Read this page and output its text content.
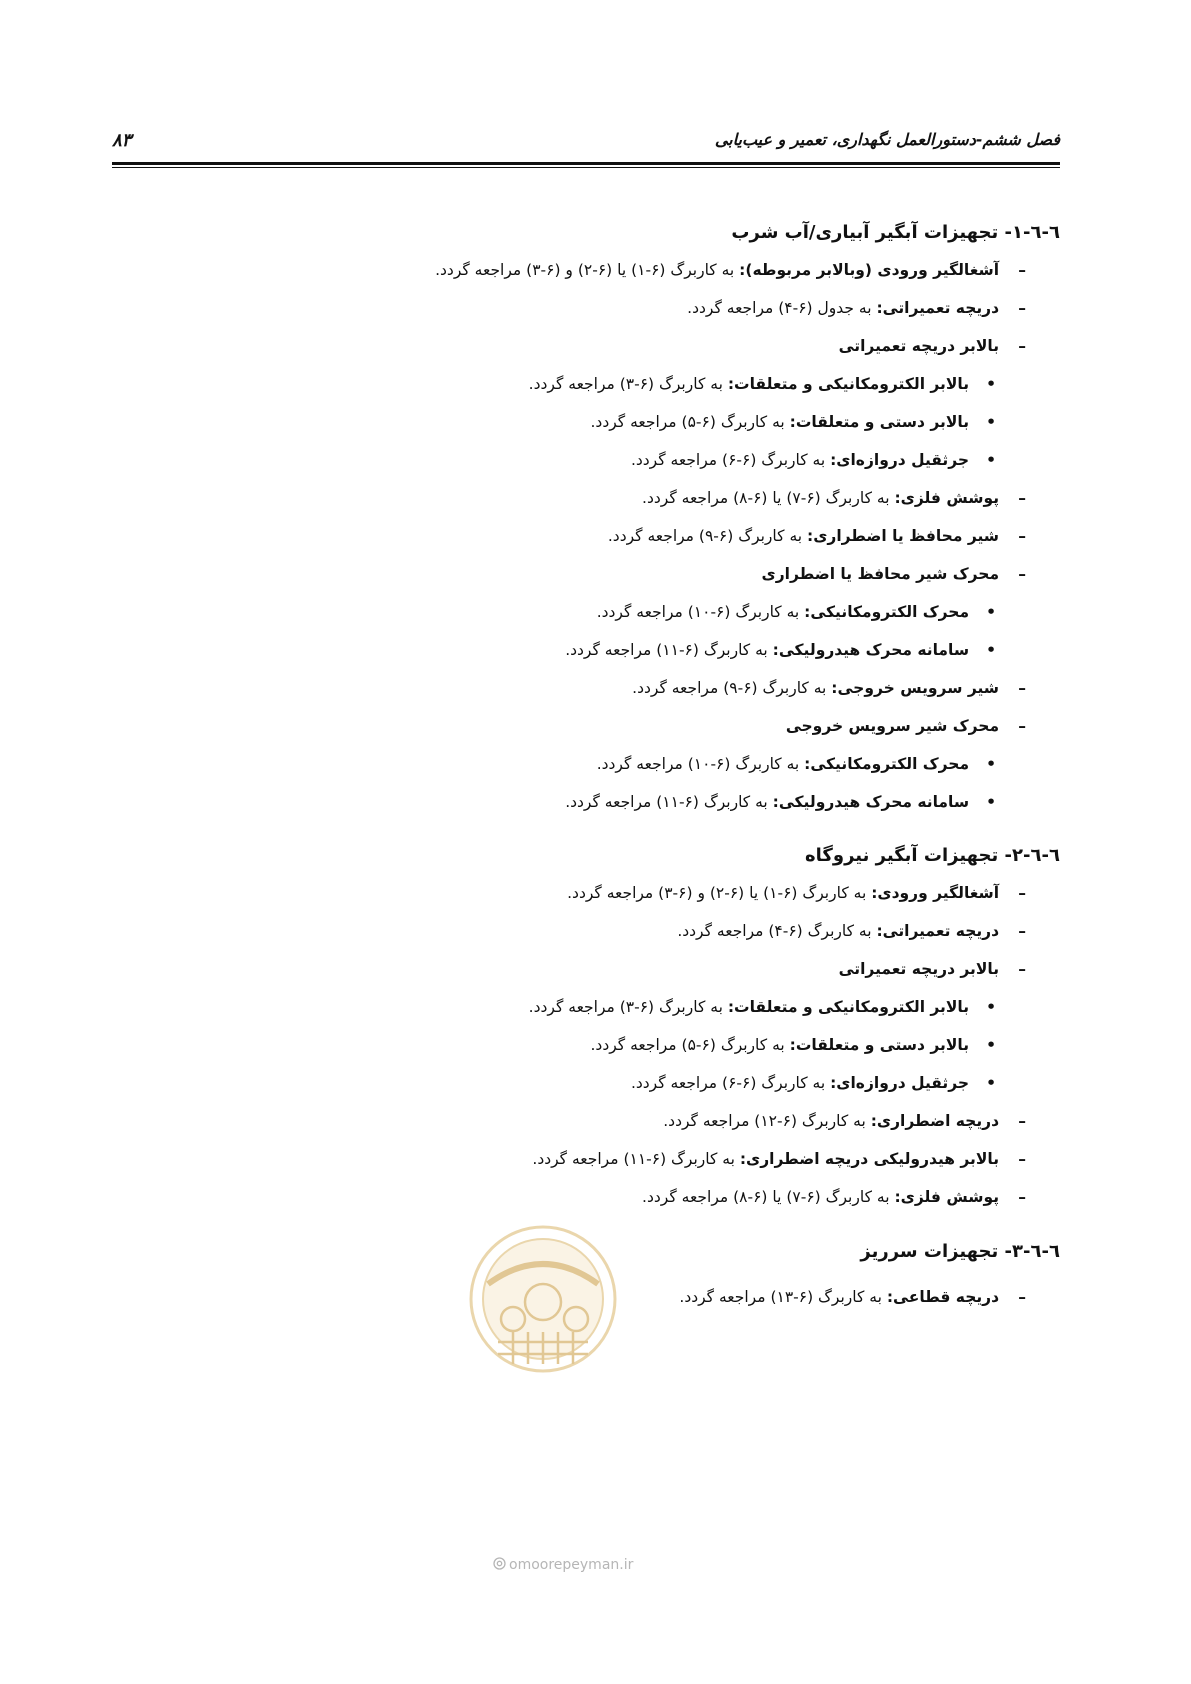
فصل ششم-دستورالعمل نگهداری، تعمیر و عیب‌یابی
۸۳
٦-٦-١- تجهیزات آبگیر آبیاری/آب شرب
– آشغالگیر ورودی (وبالابر مربوطه): به کاربرگ (۶-۱) یا (۶-۲) و (۶-۳) مراجعه گردد.
– دریچه تعمیراتی: به جدول (۶-۴) مراجعه گردد.
– بالابر دریچه تعمیراتی
• بالابر الکترومکانیکی و متعلقات: به کاربرگ (۶-۳) مراجعه گردد.
• بالابر دستی و متعلقات: به کاربرگ (۶-۵) مراجعه گردد.
• جرثقیل دروازه‌ای: به کاربرگ (۶-۶) مراجعه گردد.
– پوشش فلزی: به کاربرگ (۶-۷) یا (۶-۸) مراجعه گردد.
– شیر محافظ یا اضطراری: به کاربرگ (۶-۹) مراجعه گردد.
– محرک شیر محافظ یا اضطراری
• محرک الکترومکانیکی: به کاربرگ (۶-۱۰) مراجعه گردد.
• سامانه محرک هیدرولیکی: به کاربرگ (۶-۱۱) مراجعه گردد.
– شیر سرویس خروجی: به کاربرگ (۶-۹) مراجعه گردد.
– محرک شیر سرویس خروجی
• محرک الکترومکانیکی: به کاربرگ (۶-۱۰) مراجعه گردد.
• سامانه محرک هیدرولیکی: به کاربرگ (۶-۱۱) مراجعه گردد.
٦-٦-٢- تجهیزات آبگیر نیروگاه
– آشغالگیر ورودی: به کاربرگ (۶-۱) یا (۶-۲) و (۶-۳) مراجعه گردد.
– دریچه تعمیراتی: به کاربرگ (۶-۴) مراجعه گردد.
– بالابر دریچه تعمیراتی
• بالابر الکترومکانیکی و متعلقات: به کاربرگ (۶-۳) مراجعه گردد.
• بالابر دستی و متعلقات: به کاربرگ (۶-۵) مراجعه گردد.
• جرثقیل دروازه‌ای: به کاربرگ (۶-۶) مراجعه گردد.
– دریچه اضطراری: به کاربرگ (۶-۱۲) مراجعه گردد.
– بالابر هیدرولیکی دریچه اضطراری: به کاربرگ (۶-۱۱) مراجعه گردد.
– پوشش فلزی: به کاربرگ (۶-۷) یا (۶-۸) مراجعه گردد.
٦-٦-٣- تجهیزات سرریز
– دریچه قطاعی: به کاربرگ (۶-۱۳) مراجعه گردد.
omoorepeyman.ir
